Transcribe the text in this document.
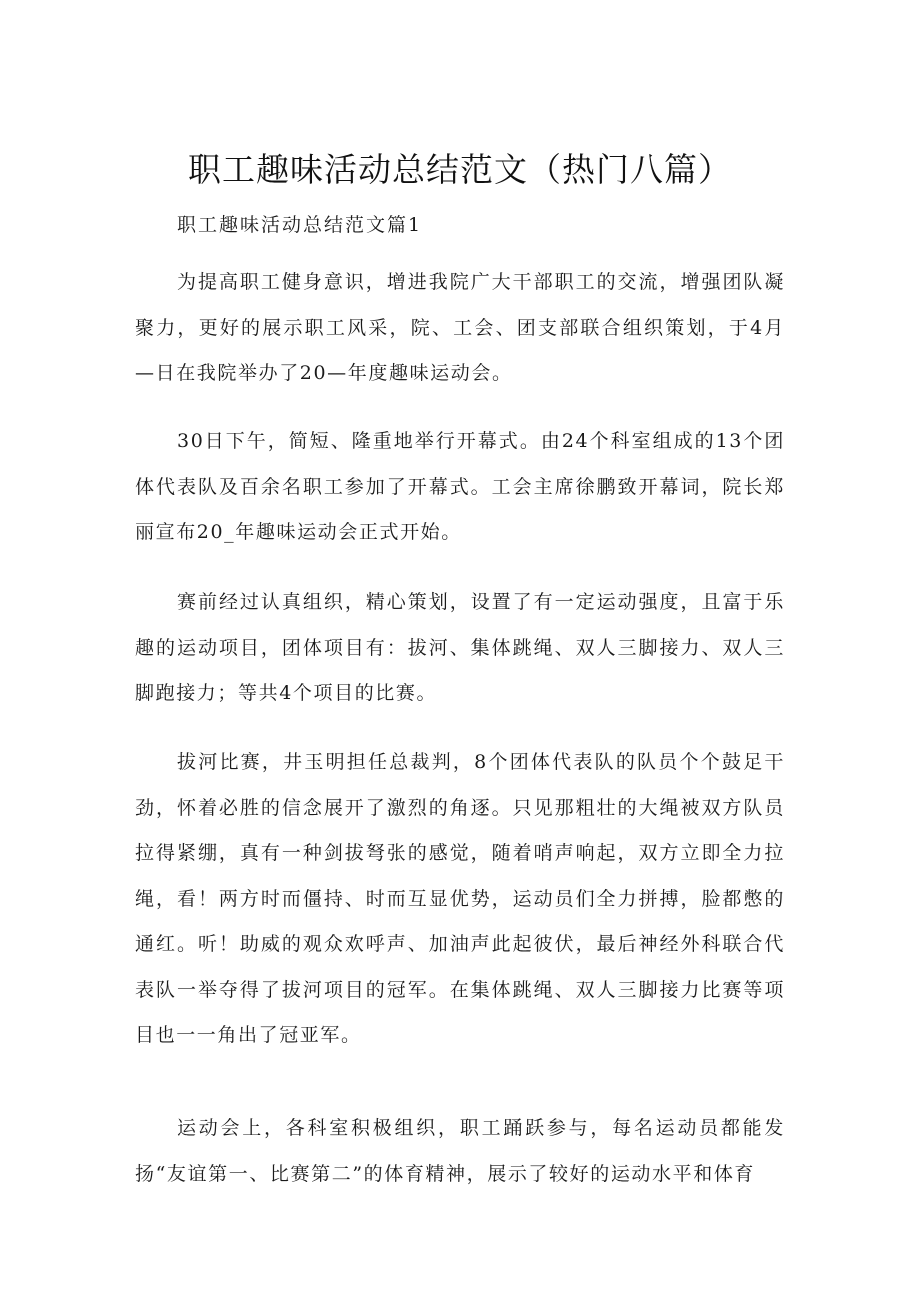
职工趣味活动总结范文（热门八篇）

职工趣味活动总结范文篇1

为提高职工健身意识，增进我院广大干部职工的交流，增强团队凝聚力，更好的展示职工风采，院、工会、团支部联合组织策划，于4月—日在我院举办了20—年度趣味运动会。

30日下午，简短、隆重地举行开幕式。由24个科室组成的13个团体代表队及百余名职工参加了开幕式。工会主席徐鹏致开幕词，院长郑丽宣布20_年趣味运动会正式开始。

赛前经过认真组织，精心策划，设置了有一定运动强度，且富于乐趣的运动项目，团体项目有：拔河、集体跳绳、双人三脚接力、双人三脚跑接力；等共4个项目的比赛。

拔河比赛，井玉明担任总裁判，8个团体代表队的队员个个鼓足干劲，怀着必胜的信念展开了激烈的角逐。只见那粗壮的大绳被双方队员拉得紧绷，真有一种剑拔弩张的感觉，随着哨声响起，双方立即全力拉绳，看！两方时而僵持、时而互显优势，运动员们全力拼搏，脸都憋的通红。听！助威的观众欢呼声、加油声此起彼伏，最后神经外科联合代表队一举夺得了拔河项目的冠军。在集体跳绳、双人三脚接力比赛等项目也一一角出了冠亚军。

运动会上，各科室积极组织，职工踊跃参与，每名运动员都能发扬“友谊第一、比赛第二”的体育精神，展示了较好的运动水平和体育
